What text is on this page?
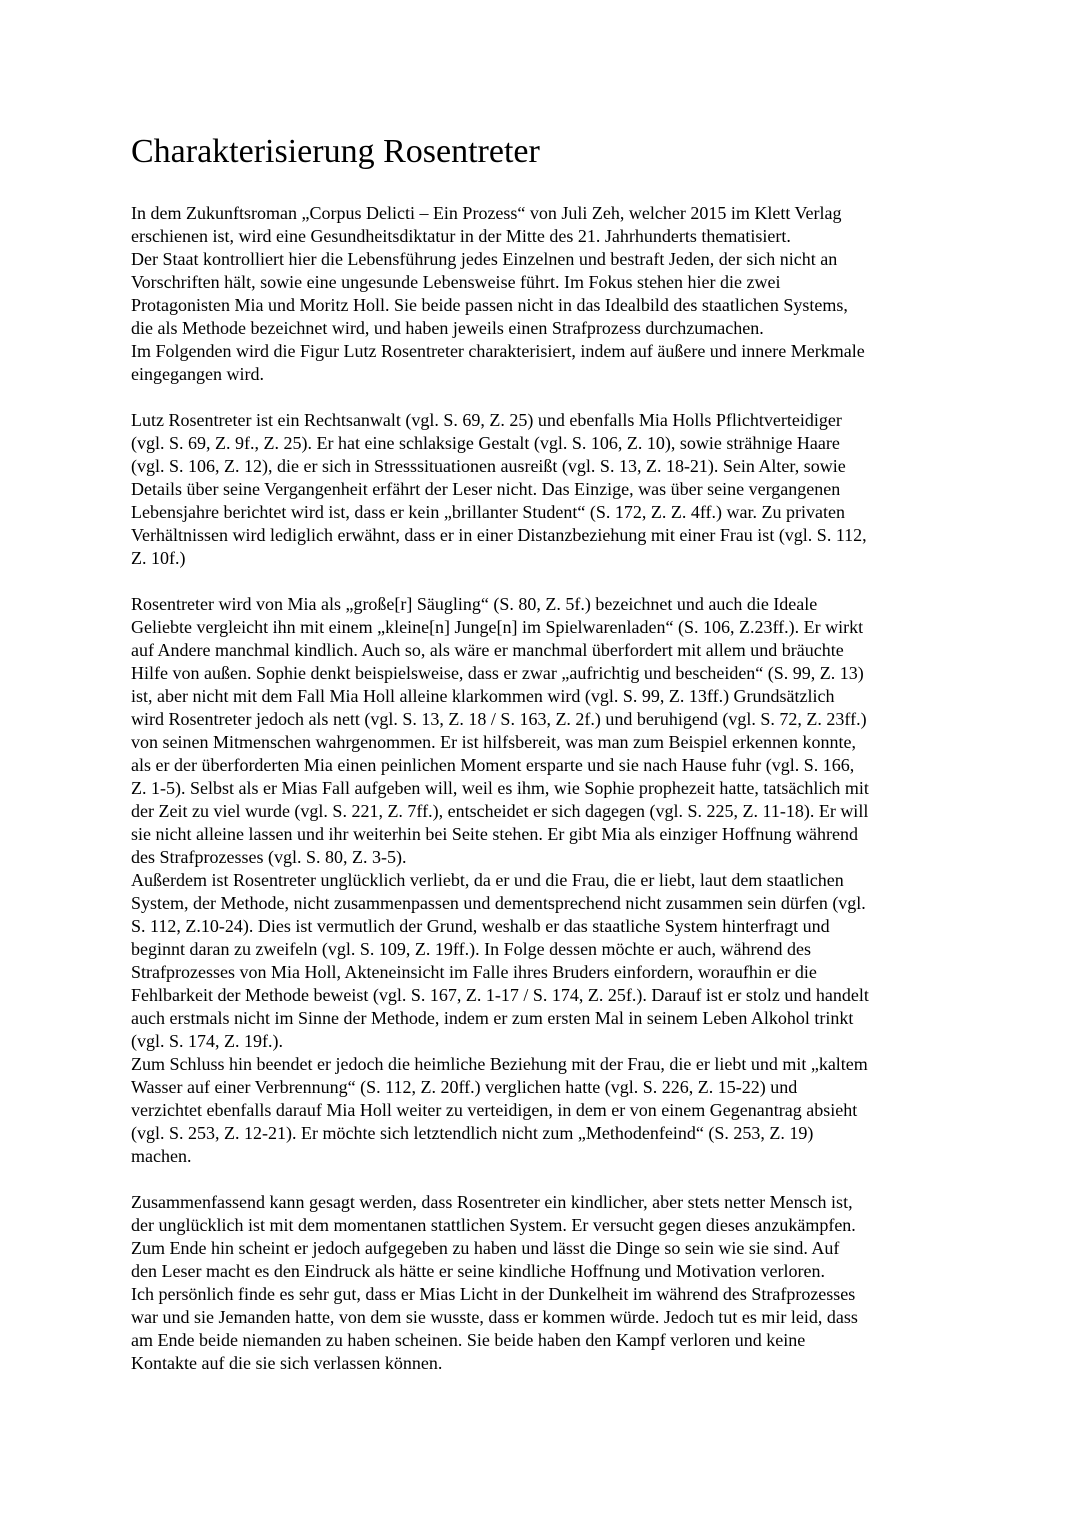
Charakterisierung Rosentreter
In dem Zukunftsroman „Corpus Delicti – Ein Prozess“ von Juli Zeh, welcher 2015 im Klett Verlag
erschienen ist, wird eine Gesundheitsdiktatur in der Mitte des 21. Jahrhunderts thematisiert.
Der Staat kontrolliert hier die Lebensführung jedes Einzelnen und bestraft Jeden, der sich nicht an
Vorschriften hält, sowie eine ungesunde Lebensweise führt. Im Fokus stehen hier die zwei
Protagonisten Mia und Moritz Holl. Sie beide passen nicht in das Idealbild des staatlichen Systems,
die als Methode bezeichnet wird, und haben jeweils einen Strafprozess durchzumachen.
Im Folgenden wird die Figur Lutz Rosentreter charakterisiert, indem auf äußere und innere Merkmale
eingegangen wird.
Lutz Rosentreter ist ein Rechtsanwalt (vgl. S. 69, Z. 25) und ebenfalls Mia Holls Pflichtverteidiger
(vgl. S. 69, Z. 9f., Z. 25). Er hat eine schlaksige Gestalt (vgl. S. 106, Z. 10), sowie strähnige Haare
(vgl. S. 106, Z. 12), die er sich in Stresssituationen ausreißt (vgl. S. 13, Z. 18-21). Sein Alter, sowie
Details über seine Vergangenheit erfährt der Leser nicht. Das Einzige, was über seine vergangenen
Lebensjahre berichtet wird ist, dass er kein „brillanter Student“ (S. 172, Z. Z. 4ff.) war. Zu privaten
Verhältnissen wird lediglich erwähnt, dass er in einer Distanzbeziehung mit einer Frau ist (vgl. S. 112,
Z. 10f.)
Rosentreter wird von Mia als „große[r] Säugling“ (S. 80, Z. 5f.) bezeichnet und auch die Ideale
Geliebte vergleicht ihn mit einem „kleine[n] Junge[n] im Spielwarenladen“ (S. 106, Z.23ff.). Er wirkt
auf Andere manchmal kindlich. Auch so, als wäre er manchmal überfordert mit allem und bräuchte
Hilfe von außen. Sophie denkt beispielsweise, dass er zwar „aufrichtig und bescheiden“ (S. 99, Z. 13)
ist, aber nicht mit dem Fall Mia Holl alleine klarkommen wird (vgl. S. 99, Z. 13ff.) Grundsätzlich
wird Rosentreter jedoch als nett (vgl. S. 13, Z. 18 / S. 163, Z. 2f.) und beruhigend (vgl. S. 72, Z. 23ff.)
von seinen Mitmenschen wahrgenommen. Er ist hilfsbereit, was man zum Beispiel erkennen konnte,
als er der überforderten Mia einen peinlichen Moment ersparte und sie nach Hause fuhr (vgl. S. 166,
Z. 1-5). Selbst als er Mias Fall aufgeben will, weil es ihm, wie Sophie prophezeit hatte, tatsächlich mit
der Zeit zu viel wurde (vgl. S. 221, Z. 7ff.), entscheidet er sich dagegen (vgl. S. 225, Z. 11-18). Er will
sie nicht alleine lassen und ihr weiterhin bei Seite stehen. Er gibt Mia als einziger Hoffnung während
des Strafprozesses (vgl. S. 80, Z. 3-5).
Außerdem ist Rosentreter unglücklich verliebt, da er und die Frau, die er liebt, laut dem staatlichen
System, der Methode, nicht zusammenpassen und dementsprechend nicht zusammen sein dürfen (vgl.
S. 112, Z.10-24). Dies ist vermutlich der Grund, weshalb er das staatliche System hinterfragt und
beginnt daran zu zweifeln (vgl. S. 109, Z. 19ff.). In Folge dessen möchte er auch, während des
Strafprozesses von Mia Holl, Akteneinsicht im Falle ihres Bruders einfordern, woraufhin er die
Fehlbarkeit der Methode beweist (vgl. S. 167, Z. 1-17 / S. 174, Z. 25f.). Darauf ist er stolz und handelt
auch erstmals nicht im Sinne der Methode, indem er zum ersten Mal in seinem Leben Alkohol trinkt
(vgl. S. 174, Z. 19f.).
Zum Schluss hin beendet er jedoch die heimliche Beziehung mit der Frau, die er liebt und mit „kaltem
Wasser auf einer Verbrennung“ (S. 112, Z. 20ff.) verglichen hatte (vgl. S. 226, Z. 15-22) und
verzichtet ebenfalls darauf Mia Holl weiter zu verteidigen, in dem er von einem Gegenantrag absieht
(vgl. S. 253, Z. 12-21). Er möchte sich letztendlich nicht zum „Methodenfeind“ (S. 253, Z. 19)
machen.
Zusammenfassend kann gesagt werden, dass Rosentreter ein kindlicher, aber stets netter Mensch ist,
der unglücklich ist mit dem momentanen stattlichen System. Er versucht gegen dieses anzukämpfen.
Zum Ende hin scheint er jedoch aufgegeben zu haben und lässt die Dinge so sein wie sie sind. Auf
den Leser macht es den Eindruck als hätte er seine kindliche Hoffnung und Motivation verloren.
Ich persönlich finde es sehr gut, dass er Mias Licht in der Dunkelheit im während des Strafprozesses
war und sie Jemanden hatte, von dem sie wusste, dass er kommen würde. Jedoch tut es mir leid, dass
am Ende beide niemanden zu haben scheinen. Sie beide haben den Kampf verloren und keine
Kontakte auf die sie sich verlassen können.
